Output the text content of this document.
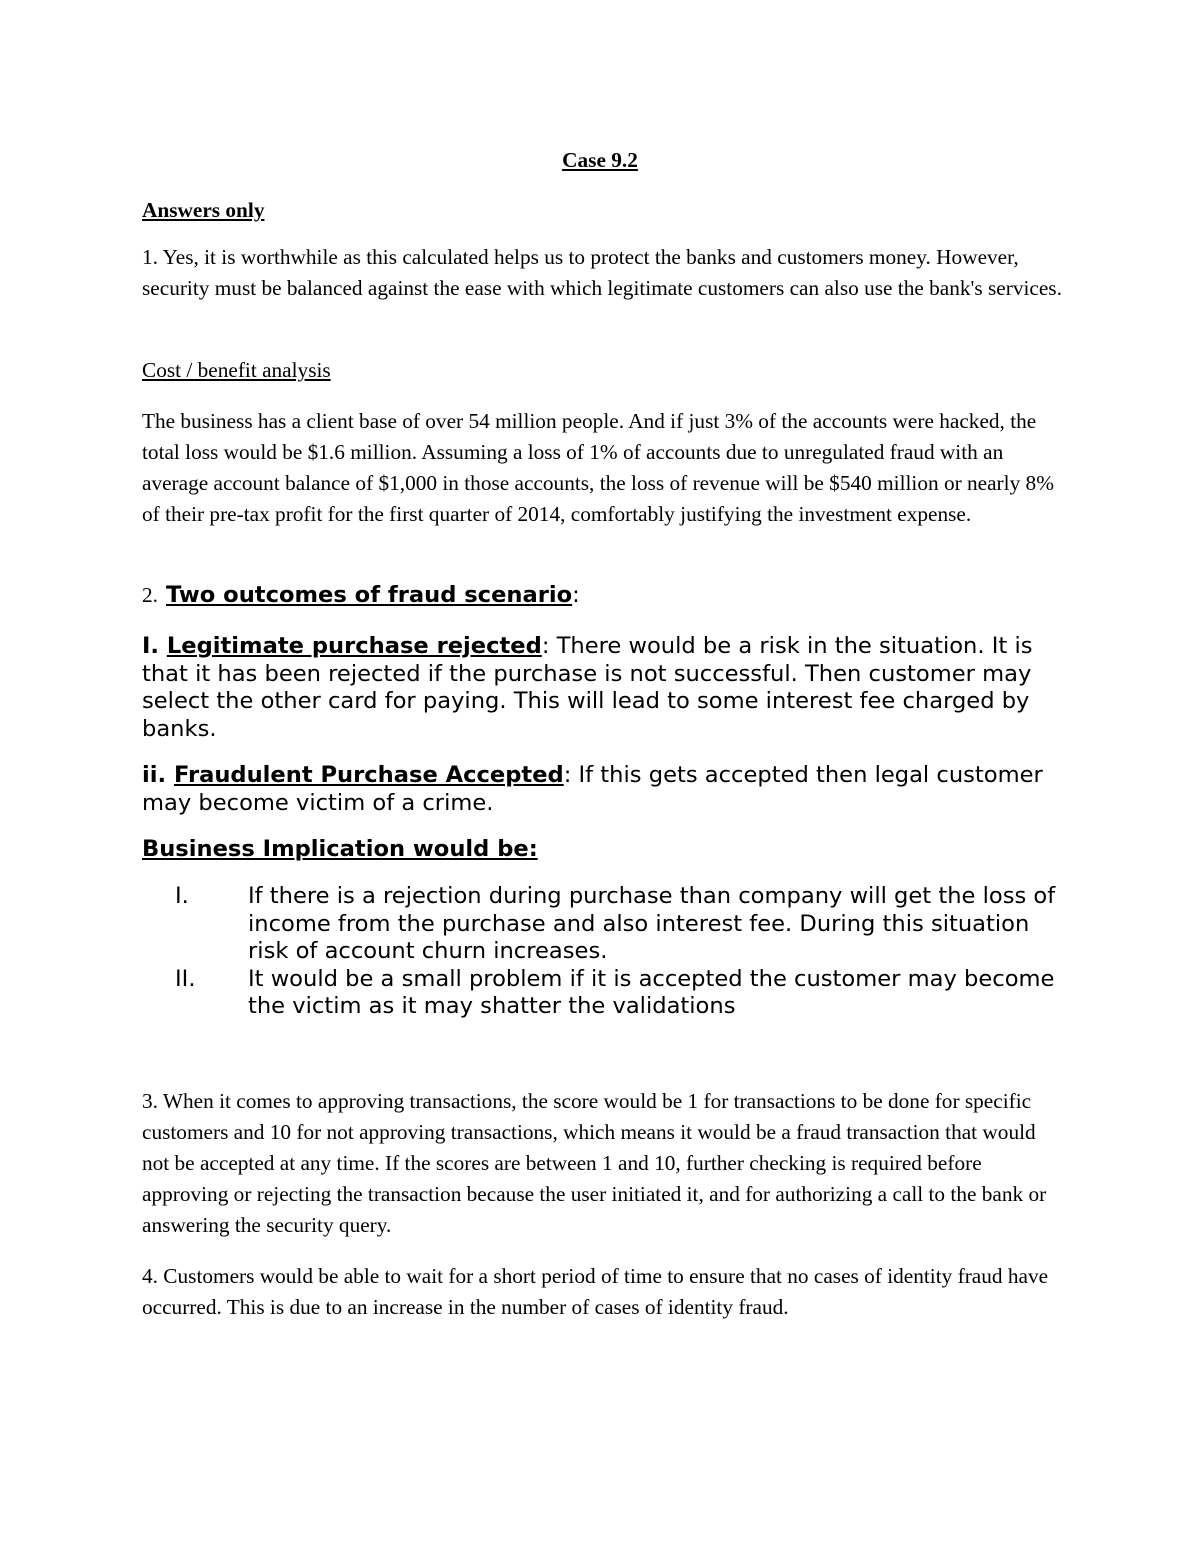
Case 9.2

Answers only

1. Yes, it is worthwhile as this calculated helps us to protect the banks and customers money. However, security must be balanced against the ease with which legitimate customers can also use the bank's services.

Cost / benefit analysis

The business has a client base of over 54 million people. And if just 3% of the accounts were hacked, the total loss would be $1.6 million. Assuming a loss of 1% of accounts due to unregulated fraud with an average account balance of $1,000 in those accounts, the loss of revenue will be $540 million or nearly 8% of their pre-tax profit for the first quarter of 2014, comfortably justifying the investment expense.

2. Two outcomes of fraud scenario:

I. Legitimate purchase rejected: There would be a risk in the situation. It is that it has been rejected if the purchase is not successful. Then customer may select the other card for paying. This will lead to some interest fee charged by banks.

ii. Fraudulent Purchase Accepted: If this gets accepted then legal customer may become victim of a crime.

Business Implication would be:

I.	If there is a rejection during purchase than company will get the loss of income from the purchase and also interest fee. During this situation risk of account churn increases.
II. It would be a small problem if it is accepted the customer may become the victim as it may shatter the validations

3. When it comes to approving transactions, the score would be 1 for transactions to be done for specific customers and 10 for not approving transactions, which means it would be a fraud transaction that would not be accepted at any time. If the scores are between 1 and 10, further checking is required before approving or rejecting the transaction because the user initiated it, and for authorizing a call to the bank or answering the security query.

4. Customers would be able to wait for a short period of time to ensure that no cases of identity fraud have occurred. This is due to an increase in the number of cases of identity fraud.
